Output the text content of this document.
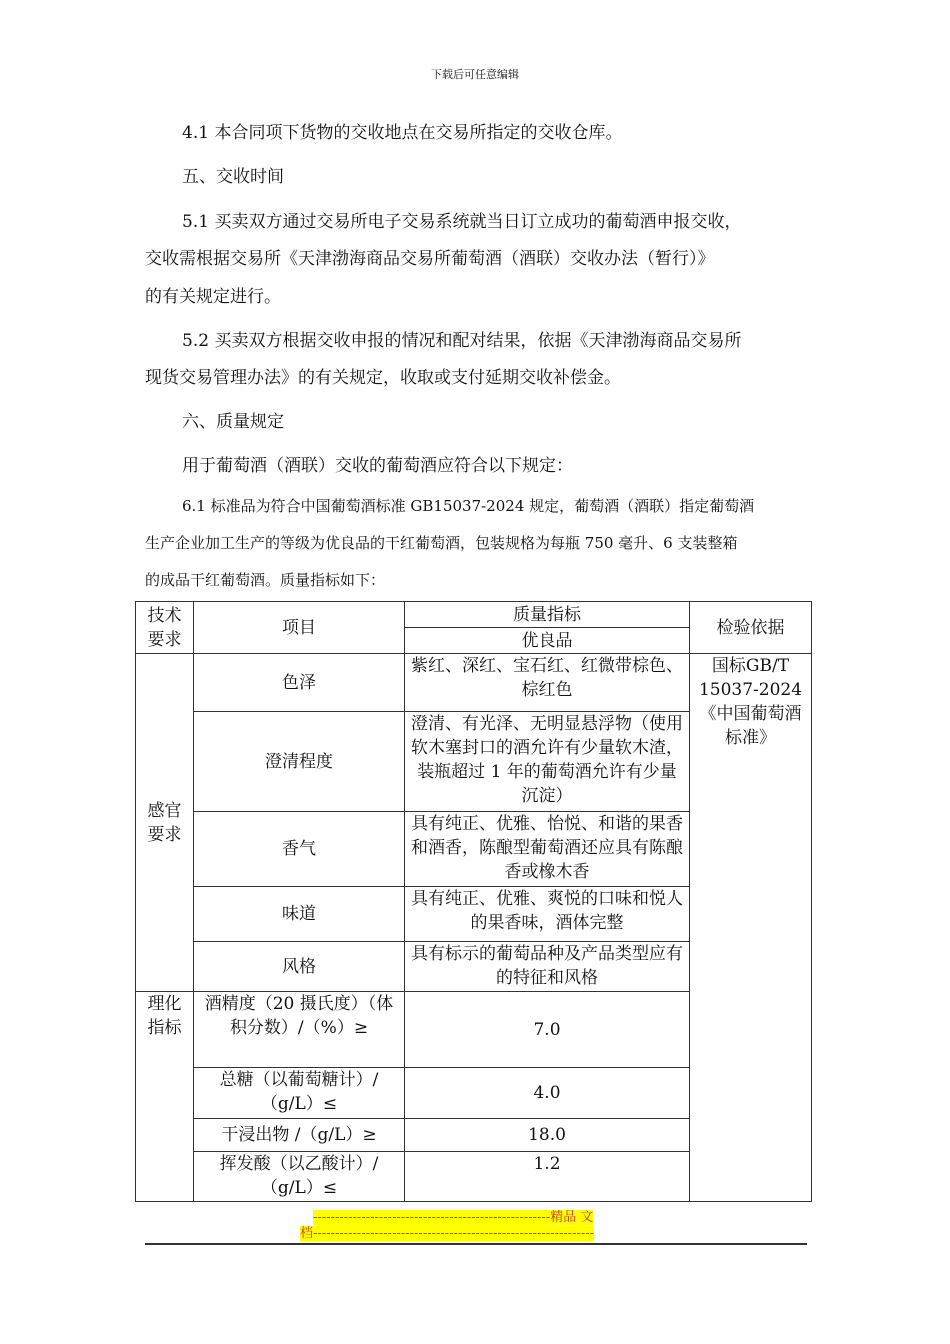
下载后可任意编辑
4.1 本合同项下货物的交收地点在交易所指定的交收仓库。
五、交收时间
5.1 买卖双方通过交易所电子交易系统就当日订立成功的葡萄酒申报交收，
交收需根据交易所《天津渤海商品交易所葡萄酒（酒联）交收办法（暂行）》
的有关规定进行。
5.2 买卖双方根据交收申报的情况和配对结果，依据《天津渤海商品交易所
现货交易管理办法》的有关规定，收取或支付延期交收补偿金。
六、质量规定
用于葡萄酒（酒联）交收的葡萄酒应符合以下规定：
6.1 标准品为符合中国葡萄酒标准 GB15037-2024 规定，葡萄酒（酒联）指定葡萄酒
生产企业加工生产的等级为优良品的干红葡萄酒，包装规格为每瓶 750 毫升、6 支装整箱
的成品干红葡萄酒。质量指标如下：
技术要求	项目	质量指标	检验依据
		优良品	
感官要求	色泽	紫红、深红、宝石红、红微带棕色、棕红色	国标GB/T 15037-2024《中国葡萄酒标准》
	澄清程度	澄清、有光泽、无明显悬浮物（使用软木塞封口的酒允许有少量软木渣，装瓶超过 1 年的葡萄酒允许有少量沉淀）	
	香气	具有纯正、优雅、怡悦、和谐的果香和酒香，陈酿型葡萄酒还应具有陈酿香或橡木香	
	味道	具有纯正、优雅、爽悦的口味和悦人的果香味，酒体完整	
	风格	具有标示的葡萄品种及产品类型应有的特征和风格	
理化指标	酒精度（20 摄氏度）（体积分数）/（%）≥	7.0	
	总糖（以葡萄糖计）/（g/L）≤	4.0	
	干浸出物 /（g/L）≥	18.0	
	挥发酸（以乙酸计）/（g/L）≤	1.2	
------------------------------------------------------精品 文
档----------------------------------------------------------------
